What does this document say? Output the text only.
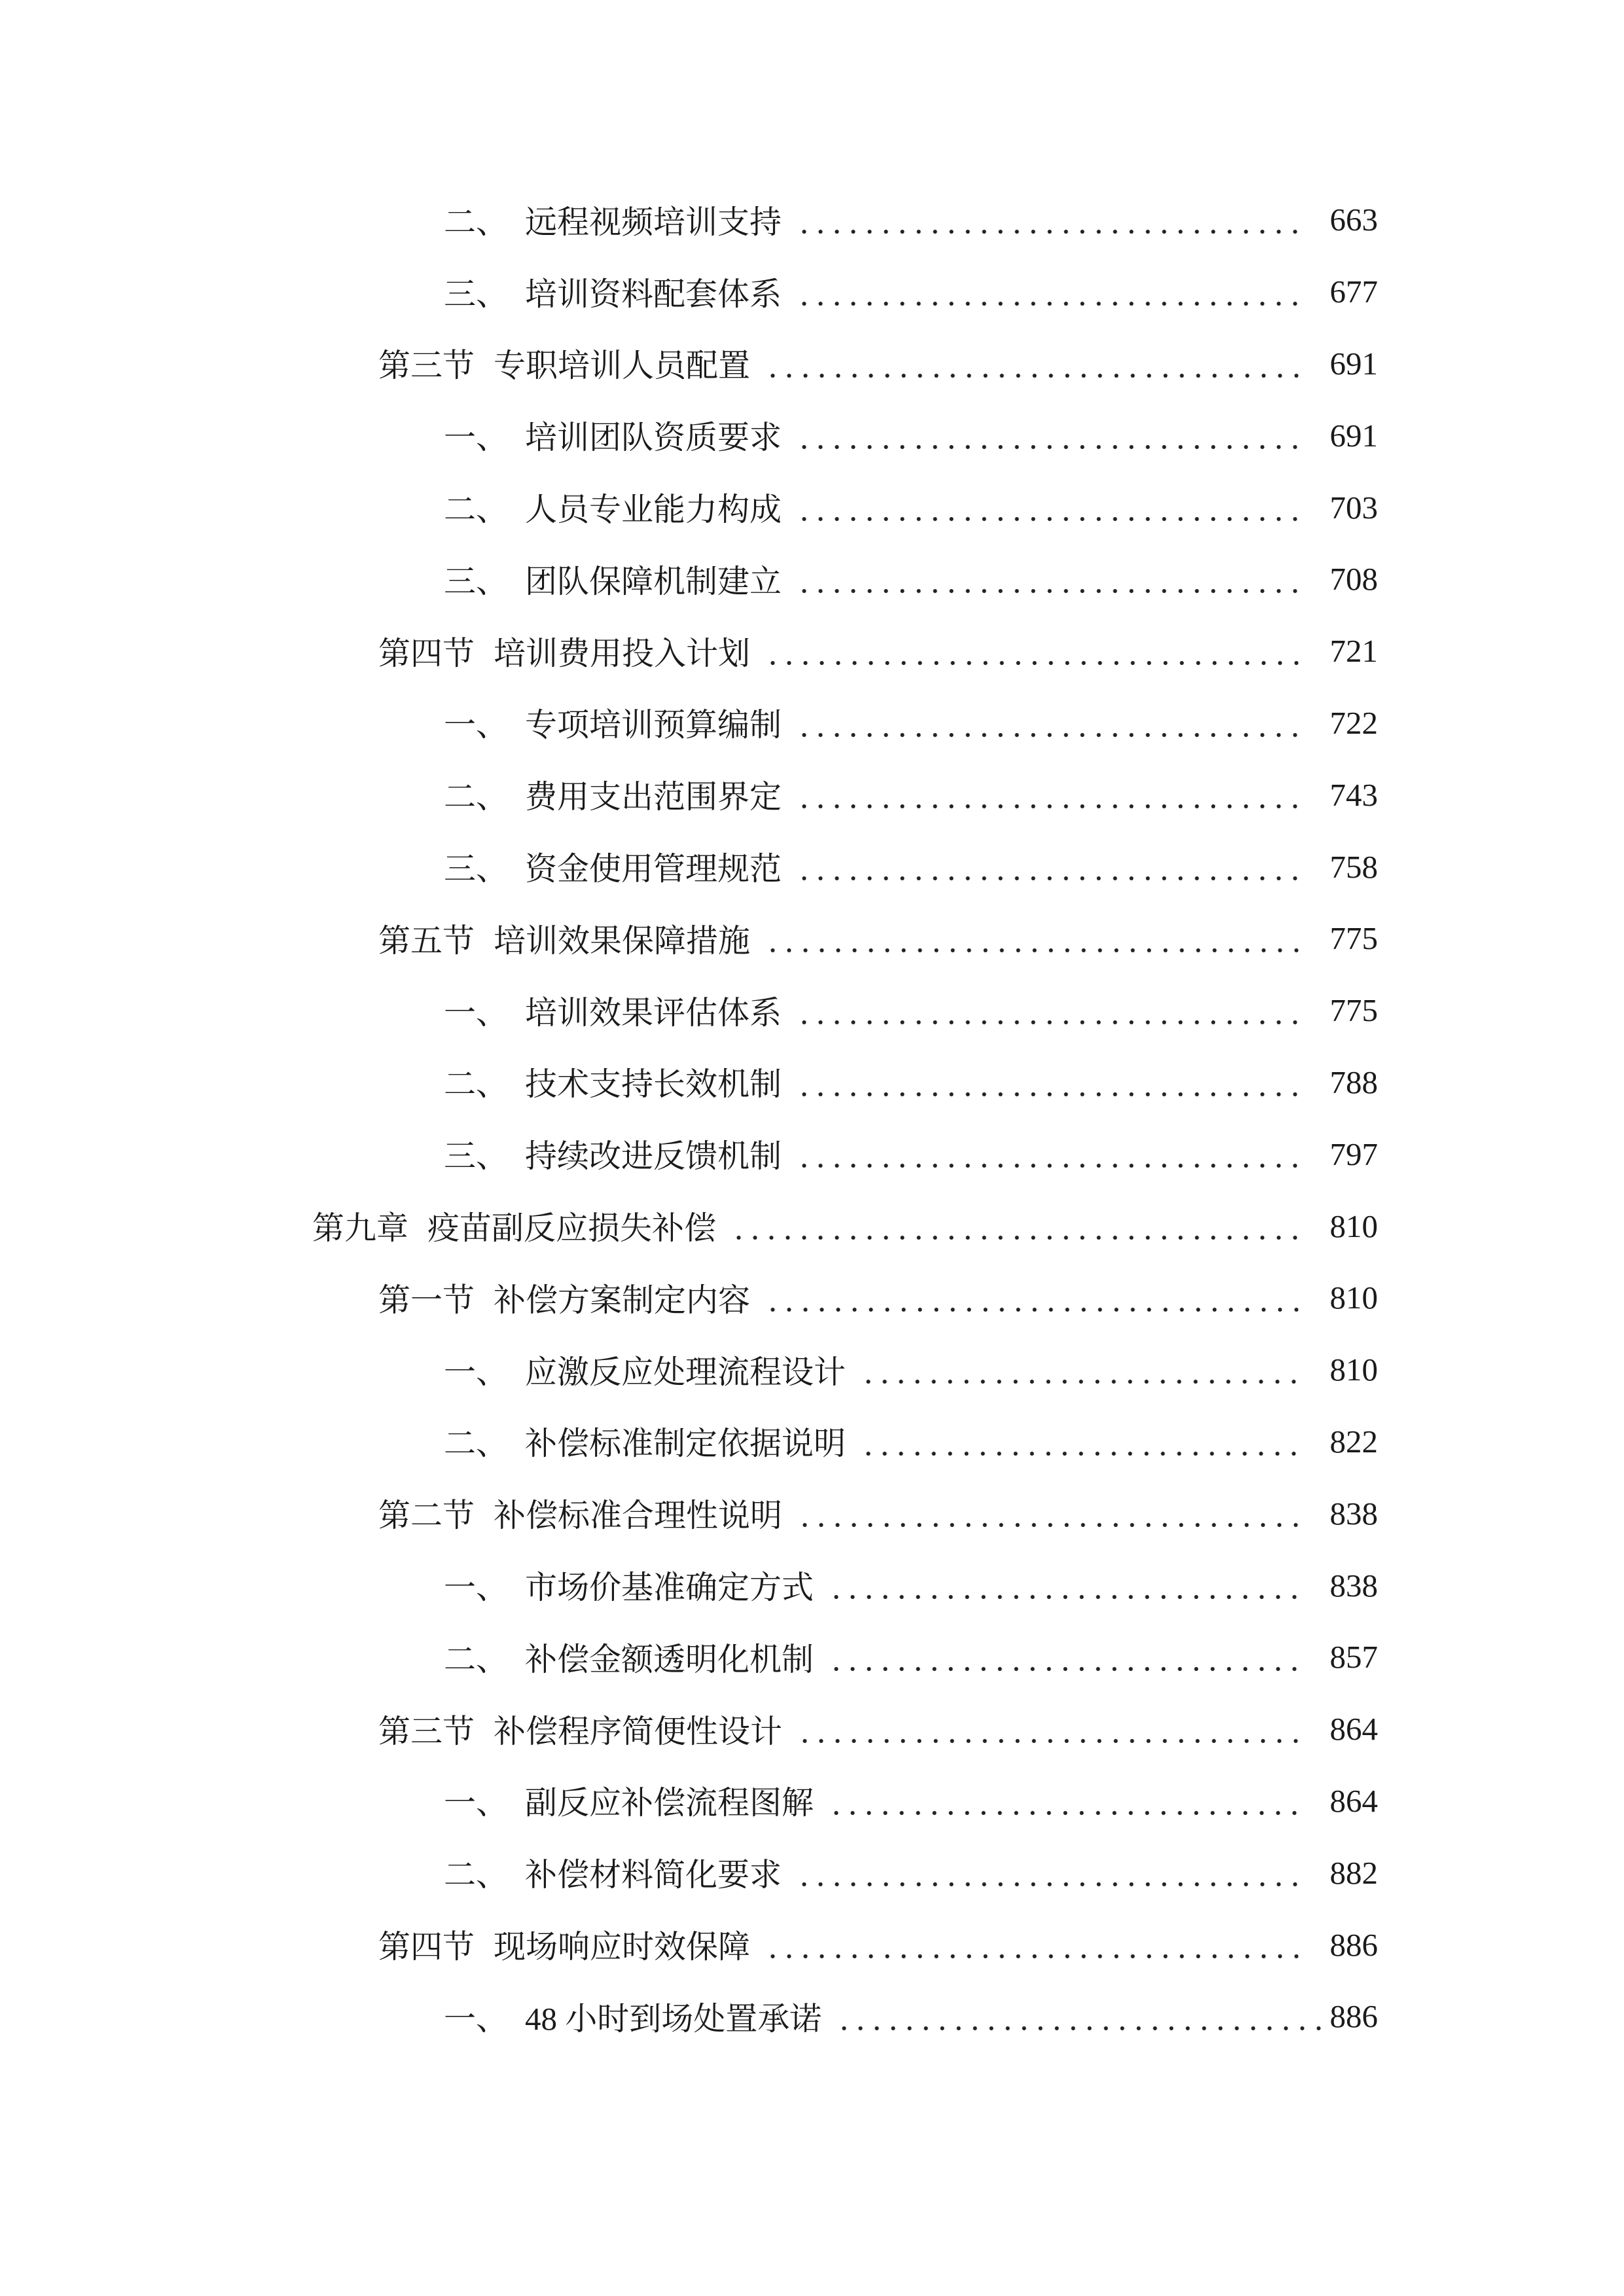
二、 远程视频培训支持	663
三、 培训资料配套体系	677
第三节 专职培训人员配置	691
一、 培训团队资质要求	691
二、 人员专业能力构成	703
三、 团队保障机制建立	708
第四节 培训费用投入计划	721
一、 专项培训预算编制	722
二、 费用支出范围界定	743
三、 资金使用管理规范	758
第五节 培训效果保障措施	775
一、 培训效果评估体系	775
二、 技术支持长效机制	788
三、 持续改进反馈机制	797
第九章 疫苗副反应损失补偿	810
第一节 补偿方案制定内容	810
一、 应激反应处理流程设计	810
二、 补偿标准制定依据说明	822
第二节 补偿标准合理性说明	838
一、 市场价基准确定方式	838
二、 补偿金额透明化机制	857
第三节 补偿程序简便性设计	864
一、 副反应补偿流程图解	864
二、 补偿材料简化要求	882
第四节 现场响应时效保障	886
一、 48 小时到场处置承诺	886
